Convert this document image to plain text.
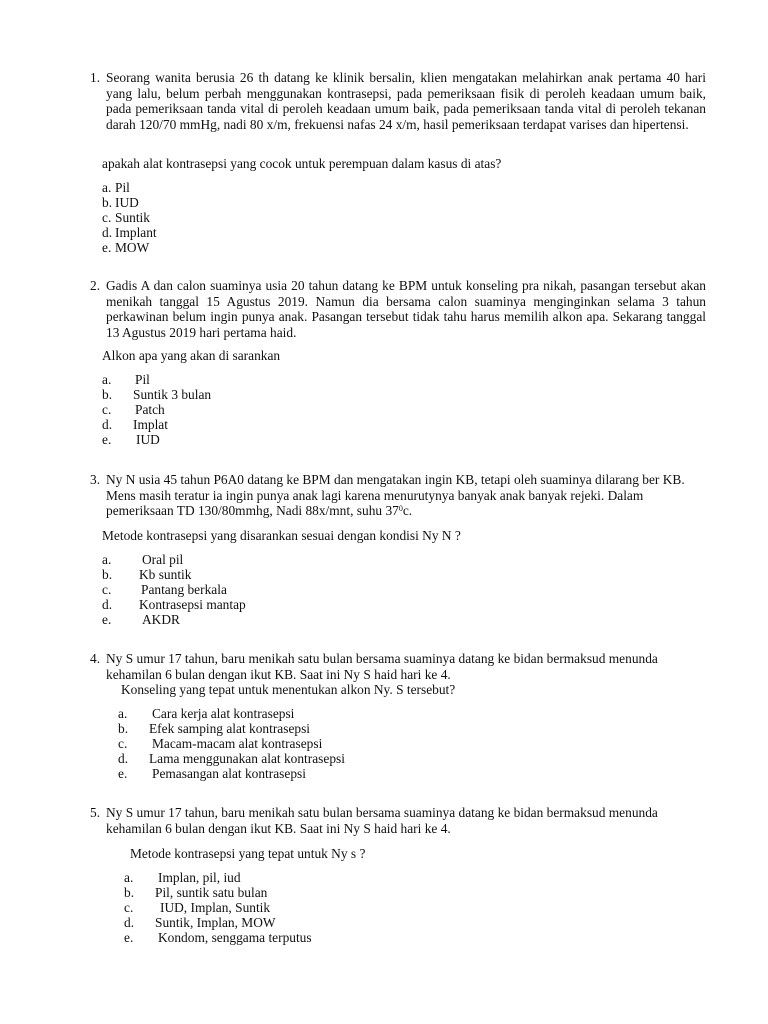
1. Seorang wanita berusia 26 th datang ke klinik bersalin, klien mengatakan melahirkan anak pertama 40 hari yang lalu, belum perbah menggunakan kontrasepsi, pada pemeriksaan fisik di peroleh keadaan umum baik, pada pemeriksaan tanda vital di peroleh keadaan umum baik, pada pemeriksaan tanda vital di peroleh tekanan darah 120/70 mmHg, nadi 80 x/m, frekuensi nafas 24 x/m, hasil pemeriksaan terdapat varises dan hipertensi.
apakah alat kontrasepsi yang cocok untuk perempuan dalam kasus di atas?
a. Pil
b. IUD
c. Suntik
d. Implant
e. MOW
2. Gadis A dan calon suaminya usia 20 tahun datang ke BPM untuk konseling pra nikah, pasangan tersebut akan menikah tanggal 15 Agustus 2019. Namun dia bersama calon suaminya menginginkan selama 3 tahun perkawinan belum ingin punya anak. Pasangan tersebut tidak tahu harus memilih alkon apa. Sekarang tanggal 13 Agustus 2019 hari pertama haid.
Alkon apa yang akan di sarankan
a. Pil
b. Suntik 3 bulan
c. Patch
d. Implat
e. IUD
3. Ny N usia 45 tahun P6A0 datang ke BPM dan mengatakan ingin KB, tetapi oleh suaminya dilarang ber KB. Mens masih teratur ia ingin punya anak lagi karena menurutynya banyak anak banyak rejeki. Dalam pemeriksaan TD 130/80mmhg, Nadi 88x/mnt, suhu $37^0c$.
Metode kontrasepsi yang disarankan sesuai dengan kondisi Ny N ?
a. Oral pil
b. Kb suntik
c. Pantang berkala
d. Kontrasepsi mantap
e. AKDR
4. Ny S umur 17 tahun, baru menikah satu bulan bersama suaminya datang ke bidan bermaksud menunda kehamilan 6 bulan dengan ikut KB. Saat ini Ny S haid hari ke 4.
Konseling yang tepat untuk menentukan alkon Ny. S tersebut?
a. Cara kerja alat kontrasepsi
b. Efek samping alat kontrasepsi
c. Macam-macam alat kontrasepsi
d. Lama menggunakan alat kontrasepsi
e. Pemasangan alat kontrasepsi
5. Ny S umur 17 tahun, baru menikah satu bulan bersama suaminya datang ke bidan bermaksud menunda kehamilan 6 bulan dengan ikut KB. Saat ini Ny S haid hari ke 4.
Metode kontrasepsi yang tepat untuk Ny s ?
a. Implan, pil, iud
b. Pil, suntik satu bulan
c. IUD, Implan, Suntik
d. Suntik, Implan, MOW
e. Kondom, senggama terputus
